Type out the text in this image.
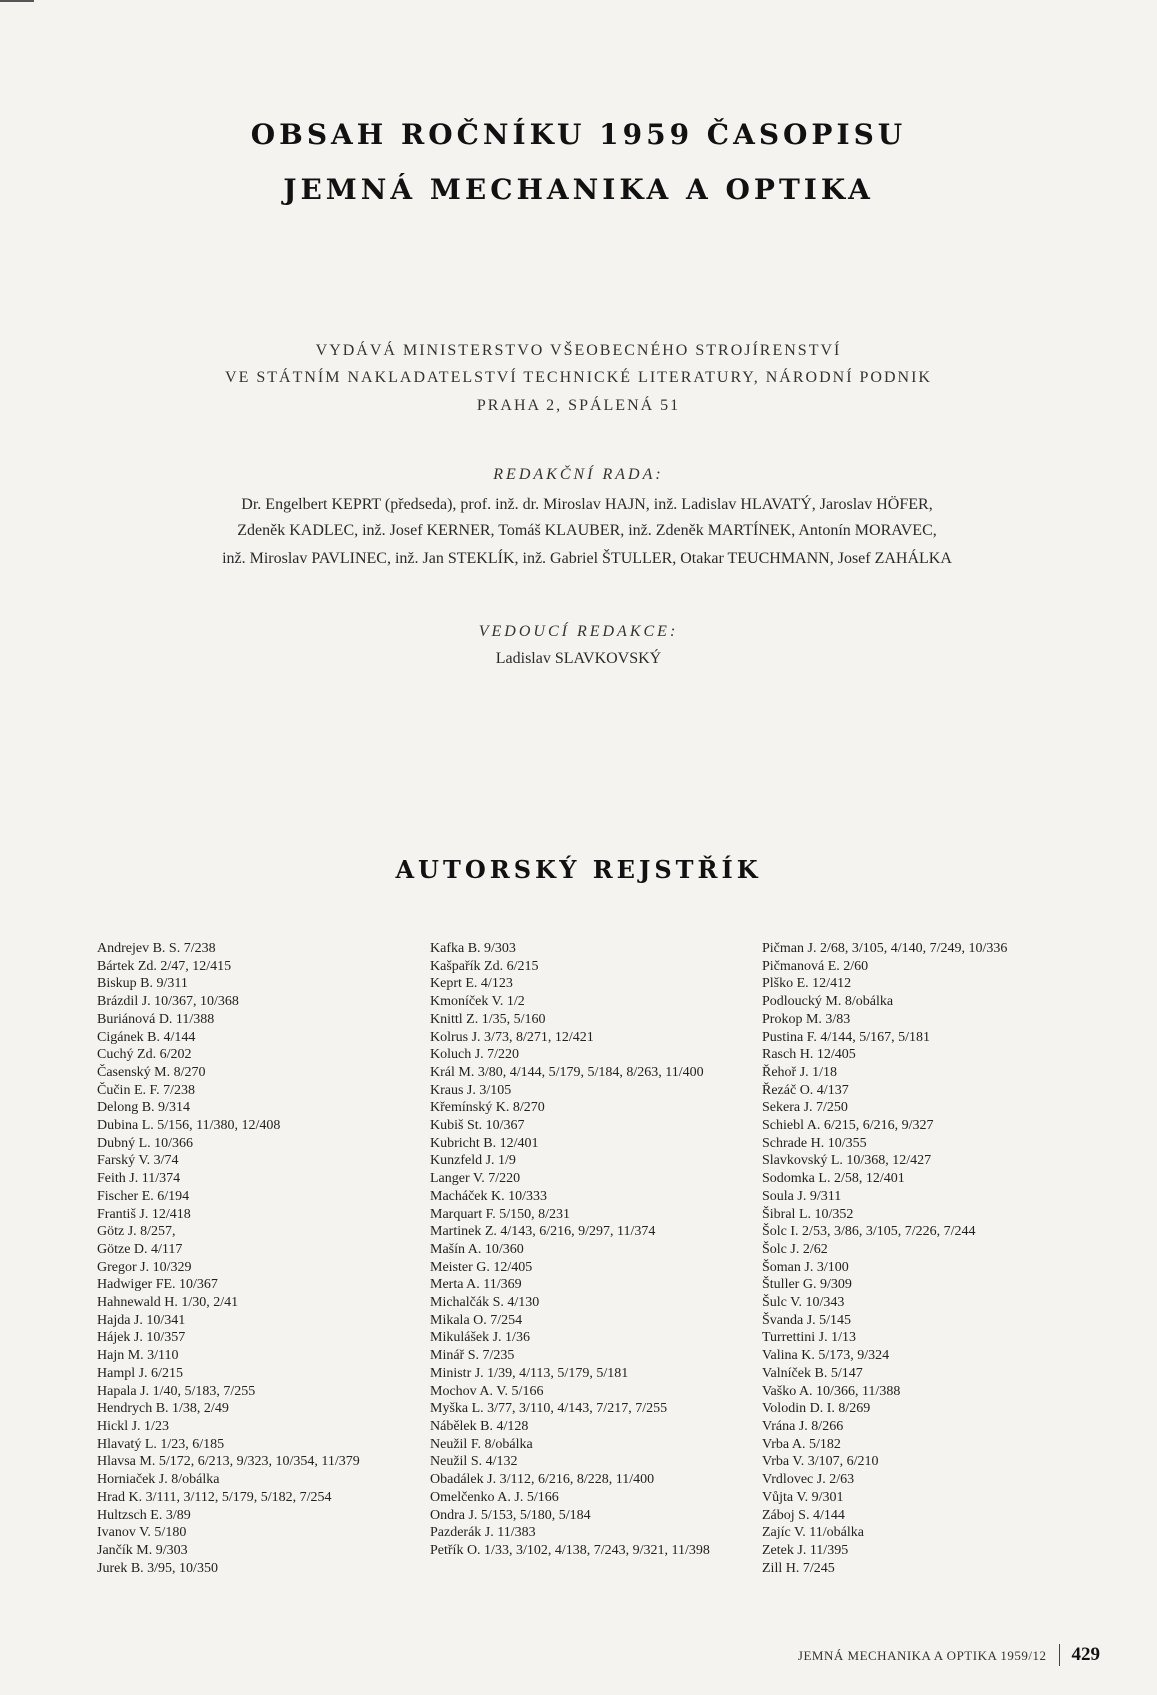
OBSAH ROČNÍKU 1959 ČASOPISU
JEMNÁ MECHANIKA A OPTIKA
VYDÁVÁ MINISTERSTVO VŠEOBECNÉHO STROJÍRENSTVÍ
VE STÁTNÍM NAKLADATELSTVÍ TECHNICKÉ LITERATURY, NÁRODNÍ PODNIK
PRAHA 2, SPÁLENÁ 51
REDAKČNÍ RADA:
Dr. Engelbert KEPRT (předseda), prof. inž. dr. Miroslav HAJN, inž. Ladislav HLAVATÝ, Jaroslav HÖFER,
Zdeněk KADLEC, inž. Josef KERNER, Tomáš KLAUBER, inž. Zdeněk MARTÍNEK, Antonín MORAVEC,
inž. Miroslav PAVLINEC, inž. Jan STEKLÍK, inž. Gabriel ŠTULLER, Otakar TEUCHMANN, Josef ZAHÁLKA
VEDOUCÍ REDAKCE:
Ladislav SLAVKOVSKÝ
AUTORSKÝ REJSTŘÍK
Andrejev B. S. 7/238
Bártek Zd. 2/47, 12/415
Biskup B. 9/311
Brázdil J. 10/367, 10/368
Buriánová D. 11/388
Cigánek B. 4/144
Cuchý Zd. 6/202
Časenský M. 8/270
Čučin E. F. 7/238
Delong B. 9/314
Dubina L. 5/156, 11/380, 12/408
Dubný L. 10/366
Farský V. 3/74
Feith J. 11/374
Fischer E. 6/194
Františ J. 12/418
Götz J. 8/257,
Götze D. 4/117
Gregor J. 10/329
Hadwiger FE. 10/367
Hahnewald H. 1/30, 2/41
Hajda J. 10/341
Hájek J. 10/357
Hajn M. 3/110
Hampl J. 6/215
Hapala J. 1/40, 5/183, 7/255
Hendrych B. 1/38, 2/49
Hickl J. 1/23
Hlavatý L. 1/23, 6/185
Hlavsa M. 5/172, 6/213, 9/323, 10/354, 11/379
Horniaček J. 8/obálka
Hrad K. 3/111, 3/112, 5/179, 5/182, 7/254
Hultzsch E. 3/89
Ivanov V. 5/180
Jančík M. 9/303
Jurek B. 3/95, 10/350
Kafka B. 9/303
Kašpařík Zd. 6/215
Keprt E. 4/123
Kmoníček V. 1/2
Knittl Z. 1/35, 5/160
Kolrus J. 3/73, 8/271, 12/421
Koluch J. 7/220
Král M. 3/80, 4/144, 5/179, 5/184, 8/263, 11/400
Kraus J. 3/105
Křemínský K. 8/270
Kubiš St. 10/367
Kubricht B. 12/401
Kunzfeld J. 1/9
Langer V. 7/220
Macháček K. 10/333
Marquart F. 5/150, 8/231
Martinek Z. 4/143, 6/216, 9/297, 11/374
Mašín A. 10/360
Meister G. 12/405
Merta A. 11/369
Michalčák S. 4/130
Mikala O. 7/254
Mikulášek J. 1/36
Minář S. 7/235
Ministr J. 1/39, 4/113, 5/179, 5/181
Mochov A. V. 5/166
Myška L. 3/77, 3/110, 4/143, 7/217, 7/255
Nábělek B. 4/128
Neužil F. 8/obálka
Neužil S. 4/132
Obadálek J. 3/112, 6/216, 8/228, 11/400
Omelčenko A. J. 5/166
Ondra J. 5/153, 5/180, 5/184
Pazderák J. 11/383
Petřík O. 1/33, 3/102, 4/138, 7/243, 9/321, 11/398
Pičman J. 2/68, 3/105, 4/140, 7/249, 10/336
Pičmanová E. 2/60
Plško E. 12/412
Podloucký M. 8/obálka
Prokop M. 3/83
Pustina F. 4/144, 5/167, 5/181
Rasch H. 12/405
Řehoř J. 1/18
Řezáč O. 4/137
Sekera J. 7/250
Schiebl A. 6/215, 6/216, 9/327
Schrade H. 10/355
Slavkovský L. 10/368, 12/427
Sodomka L. 2/58, 12/401
Soula J. 9/311
Šibral L. 10/352
Šolc I. 2/53, 3/86, 3/105, 7/226, 7/244
Šolc J. 2/62
Šoman J. 3/100
Štuller G. 9/309
Šulc V. 10/343
Švanda J. 5/145
Turrettini J. 1/13
Valina K. 5/173, 9/324
Valníček B. 5/147
Vaško A. 10/366, 11/388
Volodin D. I. 8/269
Vrána J. 8/266
Vrba A. 5/182
Vrba V. 3/107, 6/210
Vrdlovec J. 2/63
Vůjta V. 9/301
Záboj S. 4/144
Zajíc V. 11/obálka
Zetek J. 11/395
Zill H. 7/245
JEMNÁ MECHANIKA A OPTIKA 1959/12 429
